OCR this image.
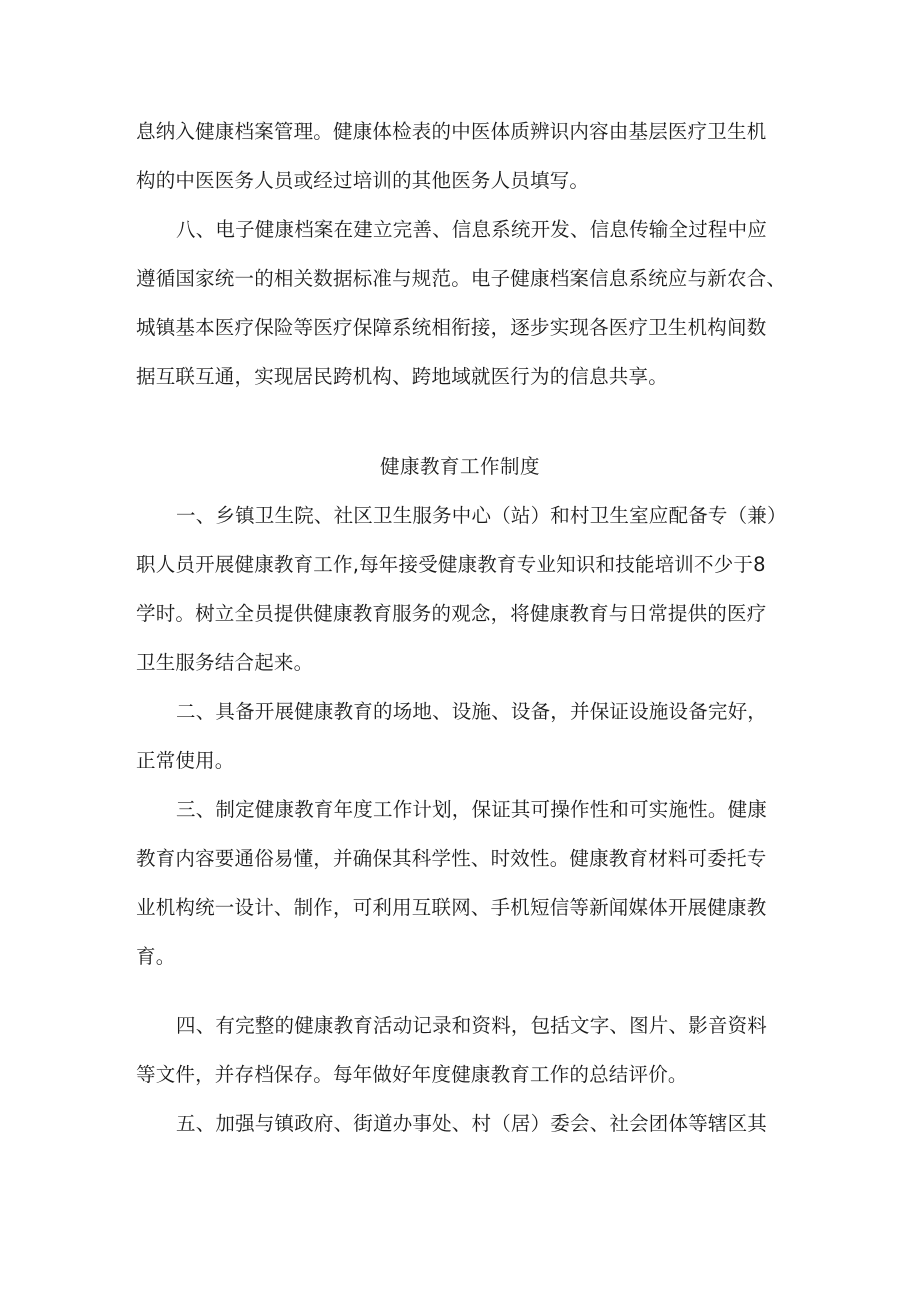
息纳入健康档案管理。健康体检表的中医体质辨识内容由基层医疗卫生机
构的中医医务人员或经过培训的其他医务人员填写。
八、电子健康档案在建立完善、信息系统开发、信息传输全过程中应
遵循国家统一的相关数据标准与规范。电子健康档案信息系统应与新农合、
城镇基本医疗保险等医疗保障系统相衔接，逐步实现各医疗卫生机构间数
据互联互通，实现居民跨机构、跨地域就医行为的信息共享。
健康教育工作制度
一、乡镇卫生院、社区卫生服务中心（站）和村卫生室应配备专（兼）
职人员开展健康教育工作,每年接受健康教育专业知识和技能培训不少于8
学时。树立全员提供健康教育服务的观念，将健康教育与日常提供的医疗
卫生服务结合起来。
二、具备开展健康教育的场地、设施、设备，并保证设施设备完好，
正常使用。
三、制定健康教育年度工作计划，保证其可操作性和可实施性。健康
教育内容要通俗易懂，并确保其科学性、时效性。健康教育材料可委托专
业机构统一设计、制作，可利用互联网、手机短信等新闻媒体开展健康教
育。
四、有完整的健康教育活动记录和资料，包括文字、图片、影音资料
等文件，并存档保存。每年做好年度健康教育工作的总结评价。
五、加强与镇政府、街道办事处、村（居）委会、社会团体等辖区其
